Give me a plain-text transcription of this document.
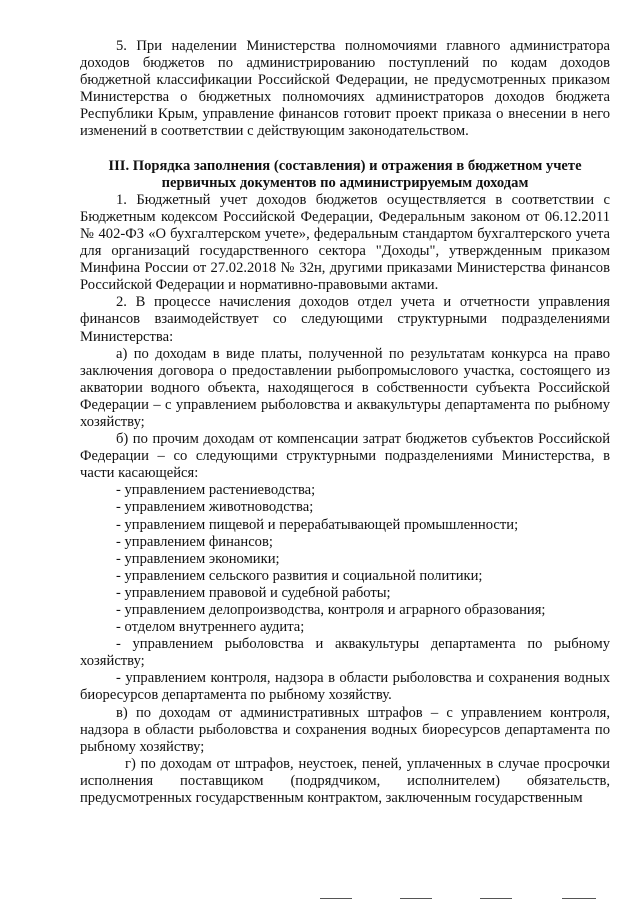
5. При наделении Министерства полномочиями главного администратора доходов бюджетов по администрированию поступлений по кодам доходов бюджетной классификации Российской Федерации, не предусмотренных приказом Министерства о бюджетных полномочиях администраторов доходов бюджета Республики Крым, управление финансов готовит проект приказа о внесении в него изменений в соответствии с действующим законодательством.

III. Порядка заполнения (составления) и отражения в бюджетном учете первичных документов по администрируемым доходам

1. Бюджетный учет доходов бюджетов осуществляется в соответствии с Бюджетным кодексом Российской Федерации, Федеральным законом от 06.12.2011 № 402-ФЗ «О бухгалтерском учете», федеральным стандартом бухгалтерского учета для организаций государственного сектора "Доходы", утвержденным приказом Минфина России от 27.02.2018 № 32н, другими приказами Министерства финансов Российской Федерации и нормативно-правовыми актами.

2. В процессе начисления доходов отдел учета и отчетности управления финансов взаимодействует со следующими структурными подразделениями Министерства:

а) по доходам в виде платы, полученной по результатам конкурса на право заключения договора о предоставлении рыбопромыслового участка, состоящего из акватории водного объекта, находящегося в собственности субъекта Российской Федерации – с управлением рыболовства и аквакультуры департамента по рыбному хозяйству;

б) по прочим доходам от компенсации затрат бюджетов субъектов Российской Федерации – со следующими структурными подразделениями Министерства, в части касающейся:

- управлением растениеводства;

- управлением животноводства;

- управлением пищевой и перерабатывающей промышленности;

- управлением финансов;

- управлением экономики;

- управлением сельского развития и социальной политики;

- управлением правовой и судебной работы;

- управлением делопроизводства, контроля и аграрного образования;

- отделом внутреннего аудита;

- управлением рыболовства и аквакультуры департамента по рыбному хозяйству;

- управлением контроля, надзора в области рыболовства и сохранения водных биоресурсов департамента по рыбному хозяйству.

в) по доходам от административных штрафов – с управлением контроля, надзора в области рыболовства и сохранения водных биоресурсов департамента по рыбному хозяйству;

г) по доходам от штрафов, неустоек, пеней, уплаченных в случае просрочки исполнения поставщиком (подрядчиком, исполнителем) обязательств, предусмотренных государственным контрактом, заключенным государственным
